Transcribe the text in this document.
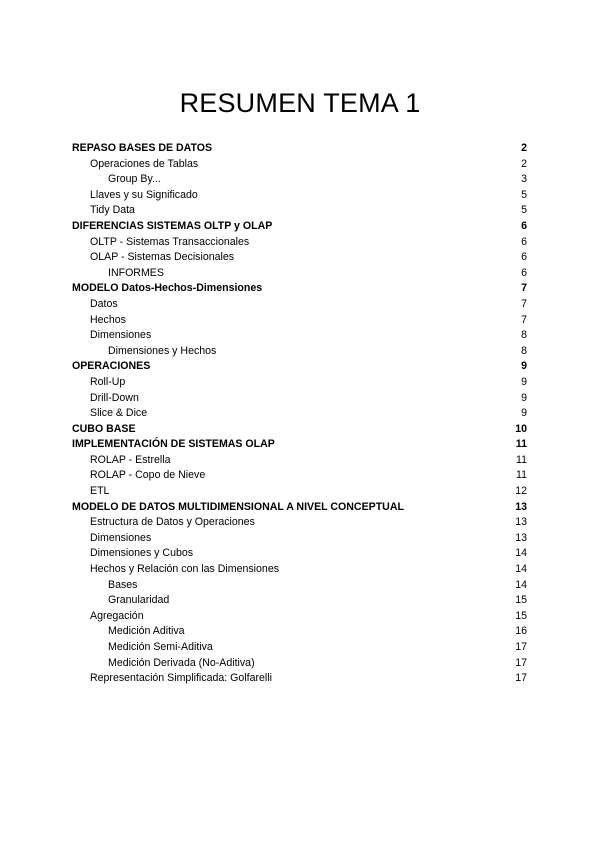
RESUMEN TEMA 1
REPASO BASES DE DATOS	2
Operaciones de Tablas	2
Group By...	3
Llaves y su Significado	5
Tidy Data	5
DIFERENCIAS SISTEMAS OLTP y OLAP	6
OLTP - Sistemas Transaccionales	6
OLAP - Sistemas Decisionales	6
INFORMES	6
MODELO Datos-Hechos-Dimensiones	7
Datos	7
Hechos	7
Dimensiones	8
Dimensiones y Hechos	8
OPERACIONES	9
Roll-Up	9
Drill-Down	9
Slice & Dice	9
CUBO BASE	10
IMPLEMENTACIÓN DE SISTEMAS OLAP	11
ROLAP - Estrella	11
ROLAP - Copo de Nieve	11
ETL	12
MODELO DE DATOS MULTIDIMENSIONAL A NIVEL CONCEPTUAL	13
Estructura de Datos y Operaciones	13
Dimensiones	13
Dimensiones y Cubos	14
Hechos y Relación con las Dimensiones	14
Bases	14
Granularidad	15
Agregación	15
Medición Aditiva	16
Medición Semi-Aditiva	17
Medición Derivada (No-Aditiva)	17
Representación Simplificada: Golfarelli	17
